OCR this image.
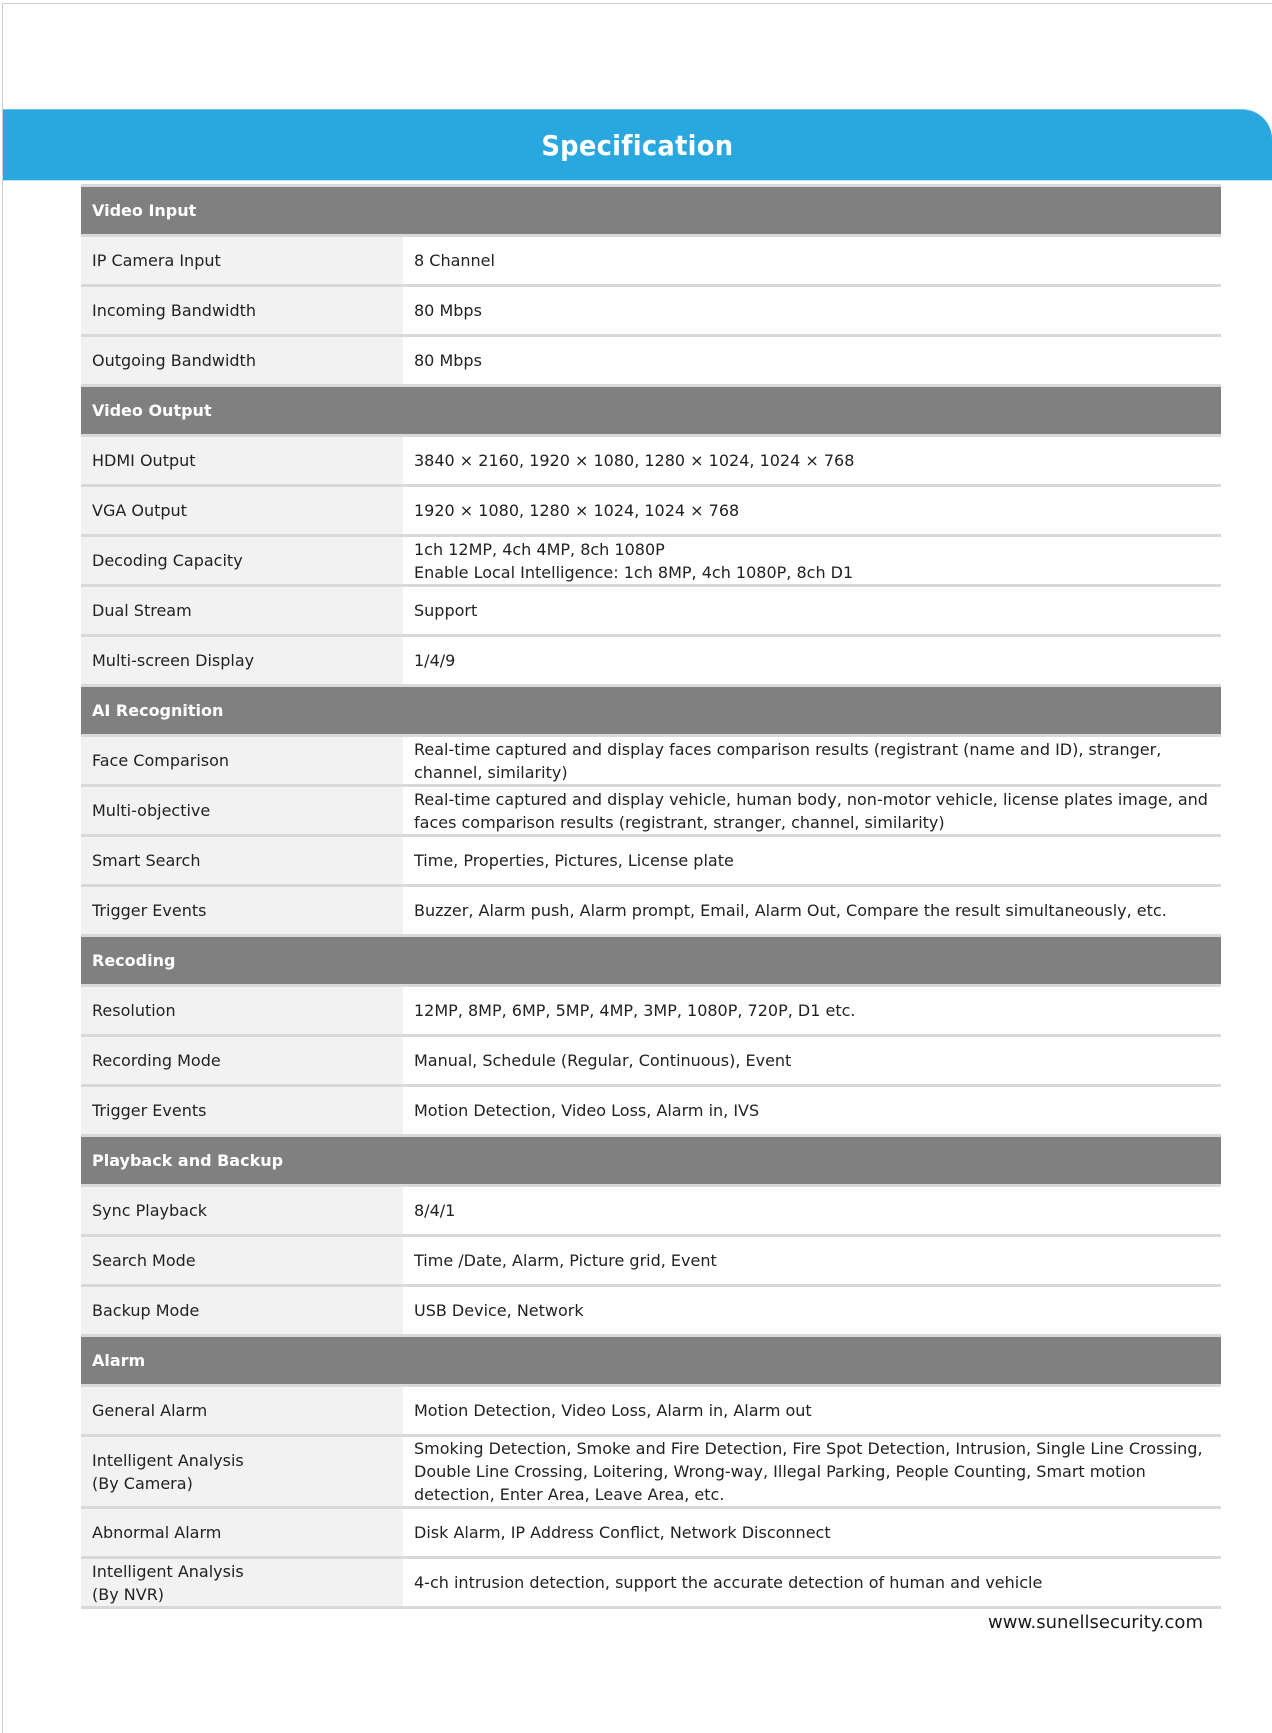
Specification
Video Input	
IP Camera Input	8 Channel
Incoming Bandwidth	80 Mbps
Outgoing Bandwidth	80 Mbps
Video Output	
HDMI Output	3840 × 2160, 1920 × 1080, 1280 × 1024, 1024 × 768
VGA Output	1920 × 1080, 1280 × 1024, 1024 × 768
Decoding Capacity	1ch 12MP, 4ch 4MP, 8ch 1080P
Enable Local Intelligence: 1ch 8MP, 4ch 1080P, 8ch D1
Dual Stream	Support
Multi-screen Display	1/4/9
AI Recognition	
Face Comparison	Real-time captured and display faces comparison results (registrant (name and ID), stranger, channel, similarity)
Multi-objective	Real-time captured and display vehicle, human body, non-motor vehicle, license plates image, and faces comparison results (registrant, stranger, channel, similarity)
Smart Search	Time, Properties, Pictures, License plate
Trigger Events	Buzzer, Alarm push, Alarm prompt, Email, Alarm Out, Compare the result simultaneously, etc.
Recoding	
Resolution	12MP, 8MP, 6MP, 5MP, 4MP, 3MP, 1080P, 720P, D1 etc.
Recording Mode	Manual, Schedule (Regular, Continuous), Event
Trigger Events	Motion Detection, Video Loss, Alarm in, IVS
Playback and Backup	
Sync Playback	8/4/1
Search Mode	Time /Date, Alarm, Picture grid, Event
Backup Mode	USB Device, Network
Alarm	
General Alarm	Motion Detection, Video Loss, Alarm in, Alarm out
Intelligent Analysis
(By Camera)	Smoking Detection, Smoke and Fire Detection, Fire Spot Detection, Intrusion, Single Line Crossing, Double Line Crossing, Loitering, Wrong-way, Illegal Parking, People Counting, Smart motion detection, Enter Area, Leave Area, etc.
Abnormal Alarm	Disk Alarm, IP Address Conflict, Network Disconnect
Intelligent Analysis
(By NVR)	4-ch intrusion detection, support the accurate detection of human and vehicle
www.sunellsecurity.com
